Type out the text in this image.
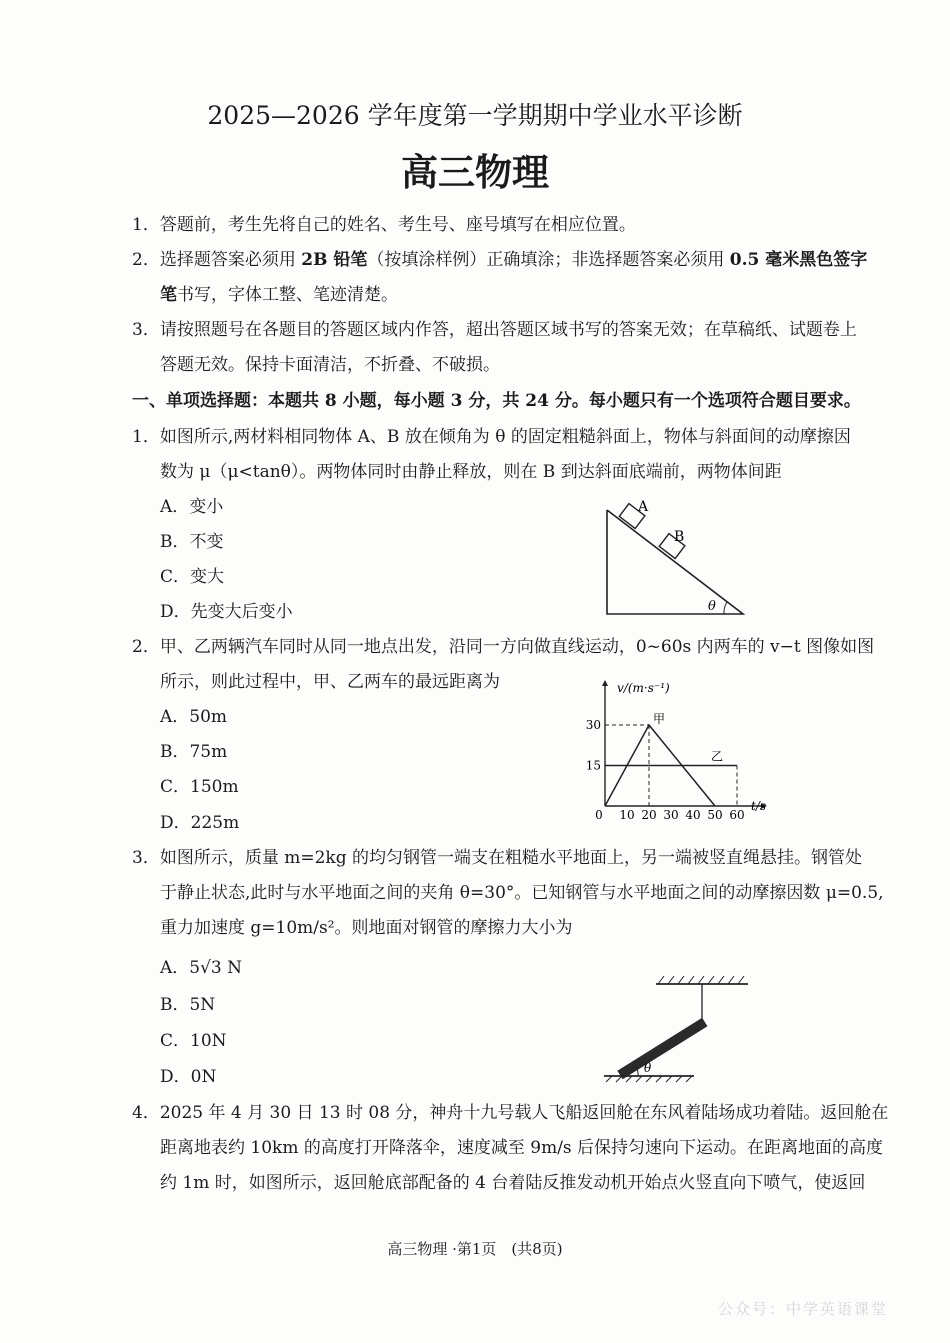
2025—2026 学年度第一学期期中学业水平诊断
高三物理
1．答题前，考生先将自己的姓名、考生号、座号填写在相应位置。
2．选择题答案必须用 2B 铅笔（按填涂样例）正确填涂；非选择题答案必须用 0.5 毫米黑色签字
笔书写，字体工整、笔迹清楚。
3．请按照题号在各题目的答题区域内作答，超出答题区域书写的答案无效；在草稿纸、试题卷上
答题无效。保持卡面清洁，不折叠、不破损。
一、单项选择题：本题共 8 小题，每小题 3 分，共 24 分。每小题只有一个选项符合题目要求。
1．如图所示,两材料相同物体 A、B 放在倾角为 θ 的固定粗糙斜面上，物体与斜面间的动摩擦因
数为 μ（μ<tanθ）。两物体同时由静止释放，则在 B 到达斜面底端前，两物体间距
A．变小
B．不变
C．变大
D．先变大后变小
A
B
θ
2．甲、乙两辆汽车同时从同一地点出发，沿同一方向做直线运动，0~60s 内两车的 v−t 图像如图
所示，则此过程中，甲、乙两车的最远距离为
A．50m
B．75m
C．150m
D．225m
v/(m·s⁻¹)
t/s
0 10 20 30 40 50 60
15
30	甲
乙
3．如图所示，质量 m=2kg 的均匀钢管一端支在粗糙水平地面上，另一端被竖直绳悬挂。钢管处
于静止状态,此时与水平地面之间的夹角 θ=30°。已知钢管与水平地面之间的动摩擦因数 μ=0.5,
重力加速度 g=10m/s²。则地面对钢管的摩擦力大小为
A．5√3 N
B．5N
C．10N
D．0N	θ
4．2025 年 4 月 30 日 13 时 08 分，神舟十九号载人飞船返回舱在东风着陆场成功着陆。返回舱在
距离地表约 10km 的高度打开降落伞，速度减至 9m/s 后保持匀速向下运动。在距离地面的高度
约 1m 时，如图所示，返回舱底部配备的 4 台着陆反推发动机开始点火竖直向下喷气，使返回
高三物理 ·第1页　(共8页)
公众号：中学英语课堂
